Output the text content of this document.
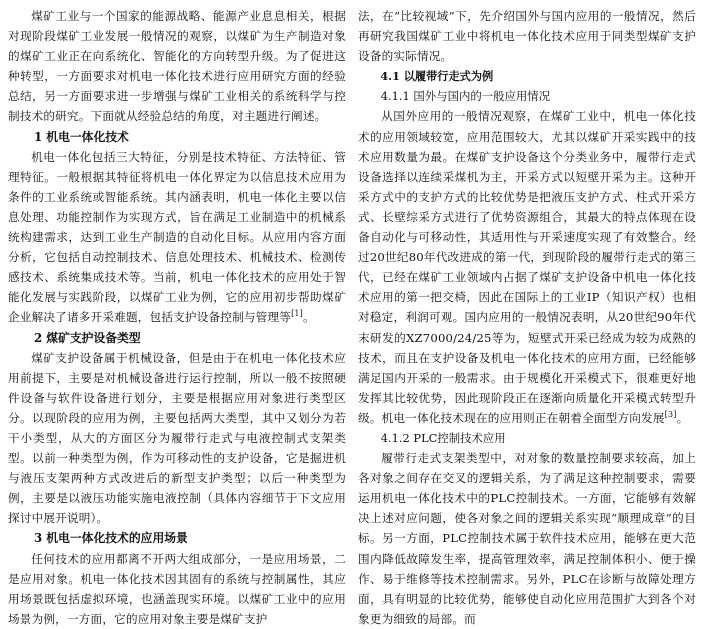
煤矿工业与一个国家的能源战略、能源产业息息相关，根据对现阶段煤矿工业发展一般情况的观察，以煤矿为生产制造对象的煤矿工业正在向系统化、智能化的方向转型升级。为了促进这种转型，一方面要求对机电一体化技术进行应用研究方面的经验总结，另一方面要求进一步增强与煤矿工业相关的系统科学与控制技术的研究。下面就从经验总结的角度，对主题进行阐述。

1 机电一体化技术

机电一体化包括三大特征，分别是技术特征、方法特征、管理特征。一般根据其特征将机电一体化界定为以信息技术应用为条件的工业系统或智能系统。其内涵表明，机电一体化主要以信息处理、功能控制作为实现方式，旨在满足工业制造中的机械系统构建需求，达到工业生产制造的自动化目标。从应用内容方面分析，它包括自动控制技术、信息处理技术、机械技术、检测传感技术、系统集成技术等。当前，机电一体化技术的应用处于智能化发展与实践阶段，以煤矿工业为例，它的应用初步帮助煤矿企业解决了诸多开采难题，包括支护设备控制与管理等[1]。

2 煤矿支护设备类型

煤矿支护设备属于机械设备，但是由于在机电一体化技术应用前提下，主要是对机械设备进行运行控制，所以一般不按照硬件设备与软件设备进行划分，主要是根据应用对象进行类型区分。以现阶段的应用为例，主要包括两大类型，其中又划分为若干小类型，从大的方面区分为履带行走式与电液控制式支架类型。以前一种类型为例，作为可移动性的支护设备，它是掘进机与液压支架两种方式改进后的新型支护类型；以后一种类型为例，主要是以液压功能实施电液控制（具体内容细节于下文应用探讨中展开说明）。

3 机电一体化技术的应用场景

任何技术的应用都离不开两大组成部分，一是应用场景，二是应用对象。机电一体化技术因其固有的系统与控制属性，其应用场景既包括虚拟环境，也涵盖现实环境。以煤矿工业中的应用场景为例，一方面，它的应用对象主要是煤矿支护

法，在“比较视域”下，先介绍国外与国内应用的一般情况，然后再研究我国煤矿工业中将机电一体化技术应用于同类型煤矿支护设备的实际情况。

4.1 以履带行走式为例

4.1.1 国外与国内的一般应用情况

从国外应用的一般情况观察，在煤矿工业中，机电一体化技术的应用领域较宽，应用范围较大，尤其以煤矿开采实践中的技术应用数量为最。在煤矿支护设备这个分类业务中，履带行走式设备选择以连续采煤机为主，开采方式以短壁开采为主。这种开采方式中的支护方式的比较优势是把液压支护方式、柱式开采方式、长壁综采方式进行了优势资源组合，其最大的特点体现在设备自动化与可移动性，其适用性与开采速度实现了有效整合。经过20世纪80年代改进成的第一代，到现阶段的履带行走式的第三代，已经在煤矿工业领域内占据了煤矿支护设备中机电一体化技术应用的第一把交椅，因此在国际上的工业IP（知识产权）也相对稳定，利润可观。国内应用的一般情况表明，从20世纪90年代末研发的XZ7000/24/25等为，短壁式开采已经成为较为成熟的技术，而且在支护设备及机电一体化技术的应用方面，已经能够满足国内开采的一般需求。由于规模化开采模式下，很难更好地发挥其比较优势，因此现阶段正在逐渐向质量化开采模式转型升级。机电一体化技术现在的应用则正在朝着全面型方向发展[3]。

4.1.2 PLC控制技术应用

履带行走式支架类型中，对对象的数量控制要求较高，加上各对象之间存在交叉的逻辑关系，为了满足这种控制要求，需要运用机电一体化技术中的PLC控制技术。一方面，它能够有效解决上述对应问题，使各对象之间的逻辑关系实现“顺理成章”的目标。另一方面，PLC控制技术属于软件技术应用，能够在更大范围内降低故障发生率，提高管理效率，满足控制体积小、便于操作、易于维修等技术控制需求。另外，PLC在诊断与故障处理方面，具有明显的比较优势，能够使自动化应用范围扩大到各个对象更为细致的局部。而
